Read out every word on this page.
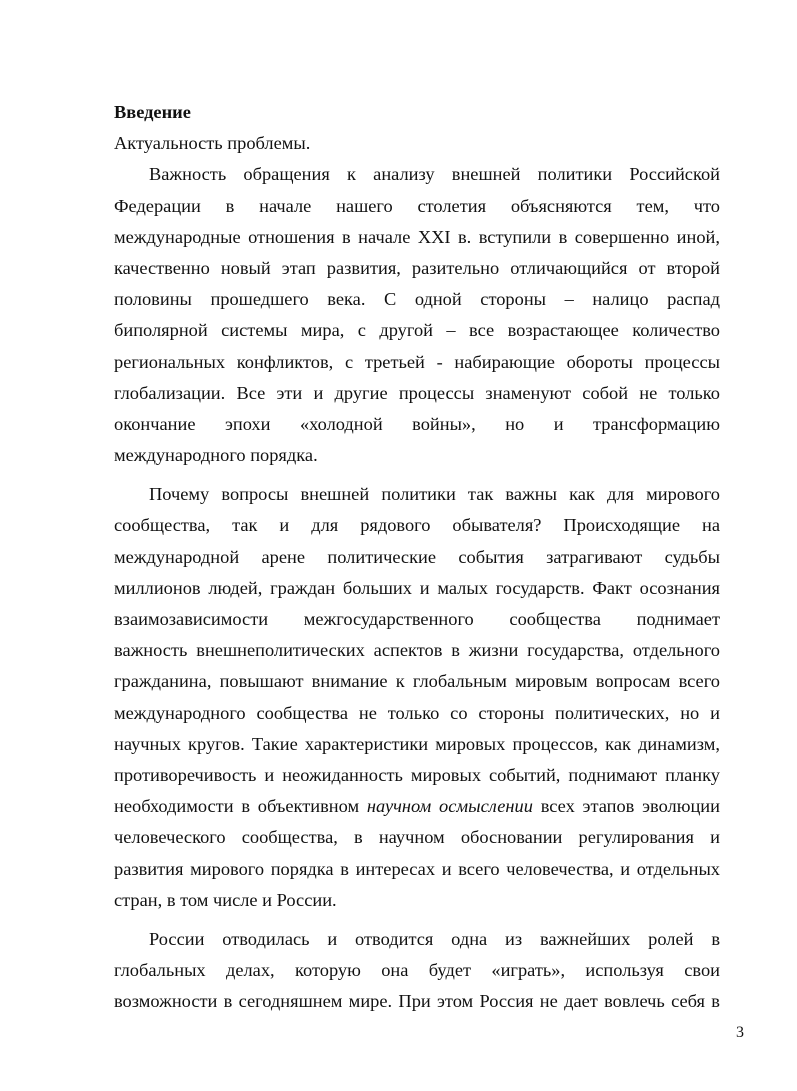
Введение
Актуальность проблемы.
Важность обращения к анализу внешней политики Российской
Федерации в начале нашего столетия объясняются тем, что
международные отношения в начале XXI в. вступили в совершенно иной,
качественно новый этап развития, разительно отличающийся от второй
половины прошедшего века. С одной стороны – налицо распад
биполярной системы мира, с другой – все возрастающее количество
региональных конфликтов, с третьей - набирающие обороты процессы
глобализации. Все эти и другие процессы знаменуют собой не только
окончание эпохи «холодной войны», но и трансформацию
международного порядка.
Почему вопросы внешней политики так важны как для мирового
сообщества, так и для рядового обывателя? Происходящие на
международной арене политические события затрагивают судьбы
миллионов людей, граждан больших и малых государств. Факт осознания
взаимозависимости межгосударственного сообщества поднимает
важность внешнеполитических аспектов в жизни государства, отдельного
гражданина, повышают внимание к глобальным мировым вопросам всего
международного сообщества не только со стороны политических, но и
научных кругов. Такие характеристики мировых процессов, как динамизм,
противоречивость и неожиданность мировых событий, поднимают планку
необходимости в объективном научном осмыслении всех этапов эволюции
человеческого сообщества, в научном обосновании регулирования и
развития мирового порядка в интересах и всего человечества, и отдельных
стран, в том числе и России.
России отводилась и отводится одна из важнейших ролей в
глобальных делах, которую она будет «играть», используя свои
возможности в сегодняшнем мире. При этом Россия не дает вовлечь себя в
3
